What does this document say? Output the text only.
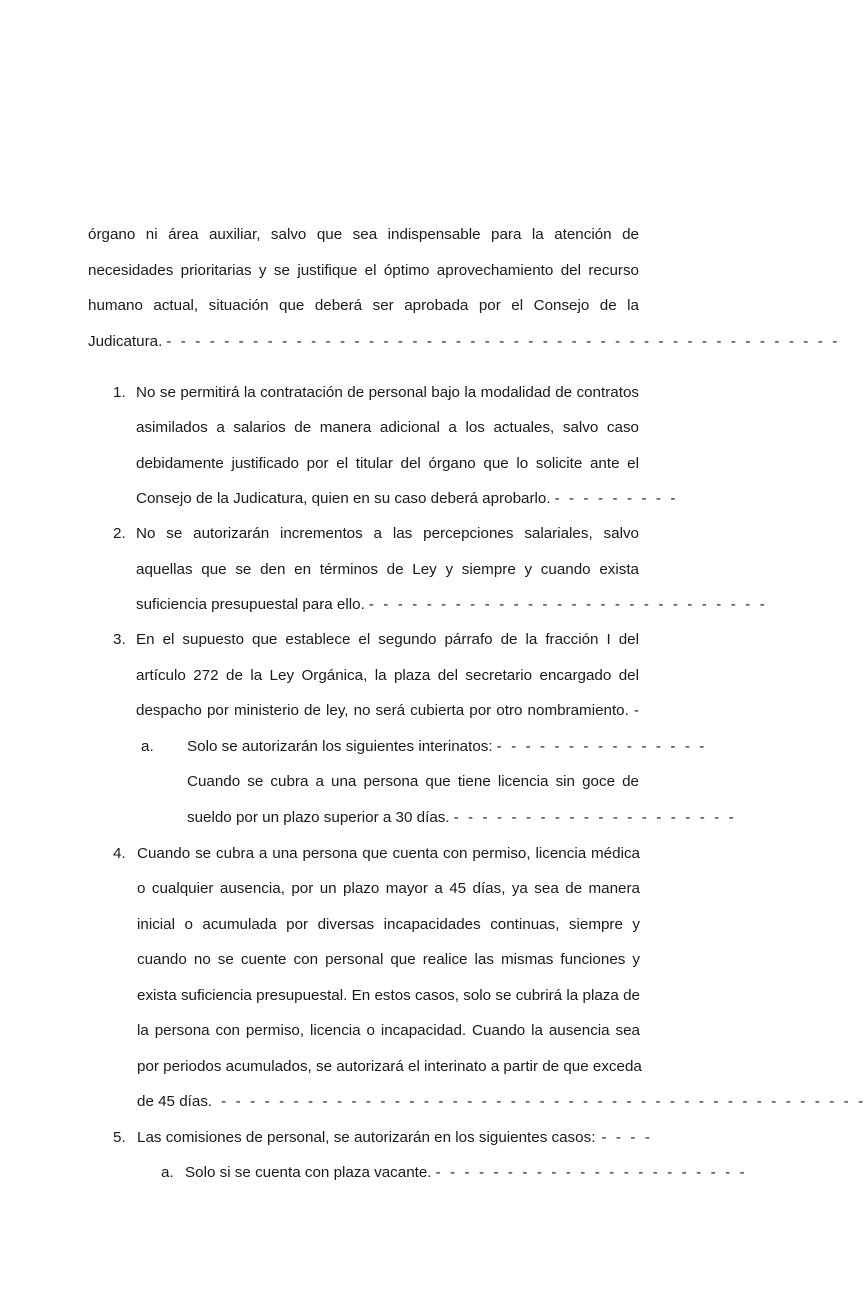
órgano ni área auxiliar, salvo que sea indispensable para la atención de
necesidades prioritarias y se justifique el óptimo aprovechamiento del recurso
humano actual, situación que deberá ser aprobada por el Consejo de la
Judicatura. - - - - - - - - - - - - - - - - - - - - - - - - - - - - - - - - - - - - - - - - - - - - - - -
1. No se permitirá la contratación de personal bajo la modalidad de contratos
asimilados a salarios de manera adicional a los actuales, salvo caso
debidamente justificado por el titular del órgano que lo solicite ante el
Consejo de la Judicatura, quien en su caso deberá aprobarlo. - - - - - - - - -
2. No se autorizarán incrementos a las percepciones salariales, salvo
aquellas que se den en términos de Ley y siempre y cuando exista
suficiencia presupuestal para ello. - - - - - - - - - - - - - - - - - - - - - - - - - - - -
3. En el supuesto que establece el segundo párrafo de la fracción I del
artículo 272 de la Ley Orgánica, la plaza del secretario encargado del
despacho por ministerio de ley, no será cubierta por otro nombramiento. -
a. Solo se autorizarán los siguientes interinatos: - - - - - - - - - - - - - - -
Cuando se cubra a una persona que tiene licencia sin goce de
sueldo por un plazo superior a 30 días. - - - - - - - - - - - - - - - - - - - -
4. Cuando se cubra a una persona que cuenta con permiso, licencia médica
o cualquier ausencia, por un plazo mayor a 45 días, ya sea de manera
inicial o acumulada por diversas incapacidades continuas, siempre y
cuando no se cuente con personal que realice las mismas funciones y
exista suficiencia presupuestal. En estos casos, solo se cubrirá la plaza de
la persona con permiso, licencia o incapacidad. Cuando la ausencia sea
por periodos acumulados, se autorizará el interinato a partir de que exceda
de 45 días. - - - - - - - - - - - - - - - - - - - - - - - - - - - - - - - - - - - - - - - - - - - - -
5. Las comisiones de personal, se autorizarán en los siguientes casos: - - - -
a. Solo si se cuenta con plaza vacante. - - - - - - - - - - - - - - - - - - - - - -
